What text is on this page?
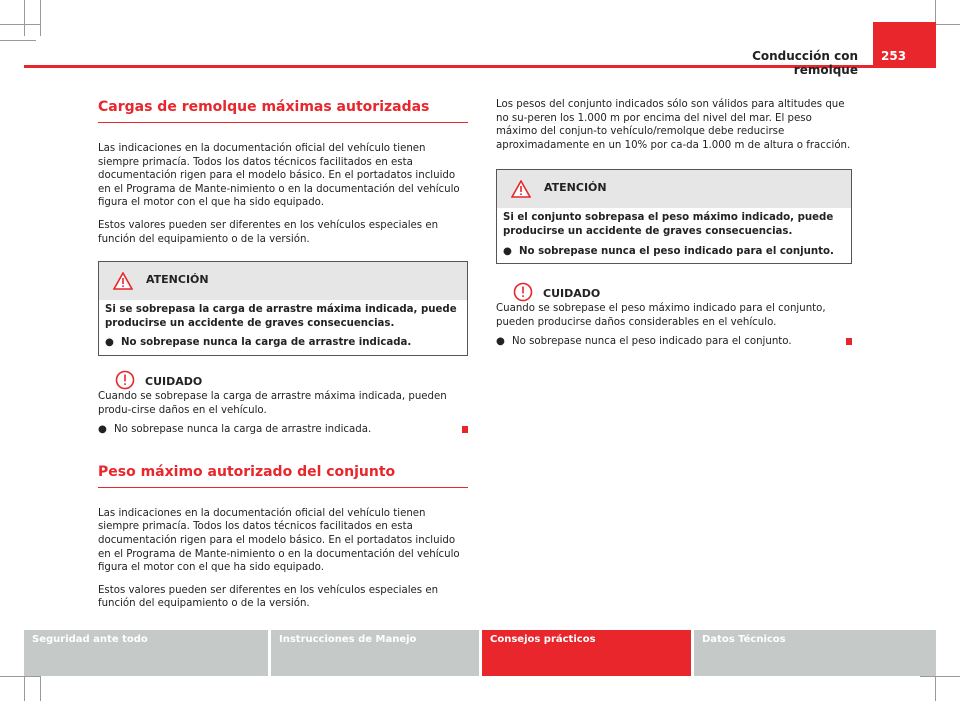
Conducción con remolque
253
Cargas de remolque máximas autorizadas

Las indicaciones en la documentación oficial del vehículo tienen siempre primacía. Todos los datos técnicos facilitados en esta documentación rigen para el modelo básico. En el portadatos incluido en el Programa de Mante-nimiento o en la documentación del vehículo figura el motor con el que ha sido equipado.

Estos valores pueden ser diferentes en los vehículos especiales en función del equipamiento o de la versión.

ATENCIÓN

Si se sobrepasa la carga de arrastre máxima indicada, puede producirse un accidente de graves consecuencias.

● No sobrepase nunca la carga de arrastre indicada.
CUIDADO

Cuando se sobrepase la carga de arrastre máxima indicada, pueden produ-cirse daños en el vehículo.

● No sobrepase nunca la carga de arrastre indicada.
Peso máximo autorizado del conjunto

Las indicaciones en la documentación oficial del vehículo tienen siempre primacía. Todos los datos técnicos facilitados en esta documentación rigen para el modelo básico. En el portadatos incluido en el Programa de Mante-nimiento o en la documentación del vehículo figura el motor con el que ha sido equipado.

Estos valores pueden ser diferentes en los vehículos especiales en función del equipamiento o de la versión.

Los pesos del conjunto indicados sólo son válidos para altitudes que no su-peren los 1.000 m por encima del nivel del mar. El peso máximo del conjun-to vehículo/remolque debe reducirse aproximadamente en un 10% por ca-da 1.000 m de altura o fracción.

ATENCIÓN

Si el conjunto sobrepasa el peso máximo indicado, puede producirse un accidente de graves consecuencias.

● No sobrepase nunca el peso indicado para el conjunto.
CUIDADO

Cuando se sobrepase el peso máximo indicado para el conjunto, pueden producirse daños considerables en el vehículo.

● No sobrepase nunca el peso indicado para el conjunto.
Seguridad ante todo	Instrucciones de Manejo	Consejos prácticos	Datos Técnicos
